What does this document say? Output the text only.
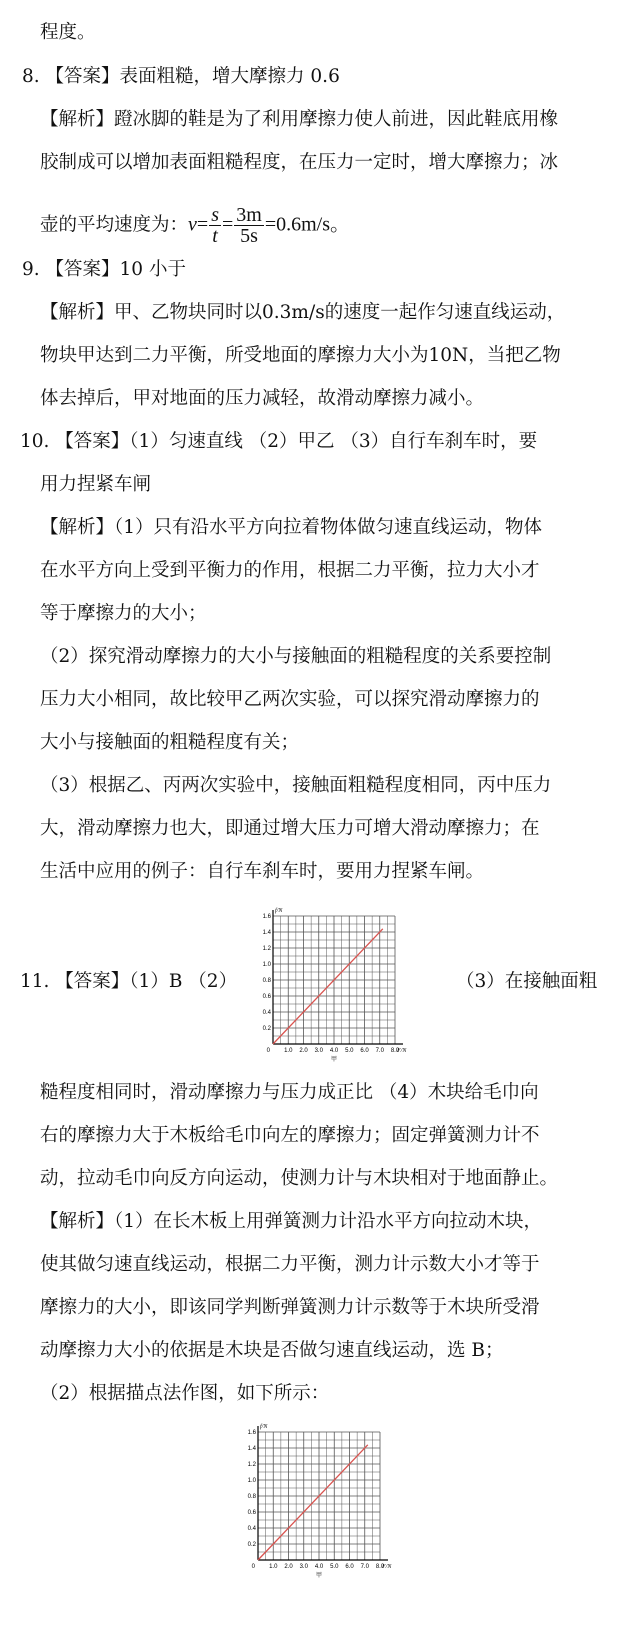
程度。
8. 【答案】表面粗糙，增大摩擦力 0.6
【解析】蹬冰脚的鞋是为了利用摩擦力使人前进，因此鞋底用橡
胶制成可以增加表面粗糙程度，在压力一定时，增大摩擦力；冰
壶的平均速度为：$v= \frac{s}{t} = \frac{3m}{5s} =0.6m/s$。
9. 【答案】10 小于
【解析】甲、乙物块同时以0.3m/s的速度一起作匀速直线运动，
物块甲达到二力平衡，所受地面的摩擦力大小为10N，当把乙物
体去掉后，甲对地面的压力减轻，故滑动摩擦力减小。
10. 【答案】（1）匀速直线 （2）甲乙 （3）自行车刹车时，要
用力捏紧车闸
【解析】（1）只有沿水平方向拉着物体做匀速直线运动，物体
在水平方向上受到平衡力的作用，根据二力平衡，拉力大小才
等于摩擦力的大小；
（2）探究滑动摩擦力的大小与接触面的粗糙程度的关系要控制
压力大小相同，故比较甲乙两次实验，可以探究滑动摩擦力的
大小与接触面的粗糙程度有关；
（3）根据乙、丙两次实验中，接触面粗糙程度相同，丙中压力
大，滑动摩擦力也大，即通过增大压力可增大滑动摩擦力；在
生活中应用的例子：自行车刹车时，要用力捏紧车闸。
11. 【答案】（1）B （2）
1.0 2.0 3.0 4.0 5.0 6.0 7.0 8.0
0.2
0.4
0.6
0.8
1.0
1.2
1.4
1.6
0	F/N
f/N
甲
（3）在接触面粗
糙程度相同时，滑动摩擦力与压力成正比 （4）木块给毛巾向
右的摩擦力大于木板给毛巾向左的摩擦力；固定弹簧测力计不
动，拉动毛巾向反方向运动，使测力计与木块相对于地面静止。
【解析】（1）在长木板上用弹簧测力计沿水平方向拉动木块，
使其做匀速直线运动，根据二力平衡，测力计示数大小才等于
摩擦力的大小，即该同学判断弹簧测力计示数等于木块所受滑
动摩擦力大小的依据是木块是否做匀速直线运动，选 B；
（2）根据描点法作图，如下所示：
1.0 2.0 3.0 4.0 5.0 6.0 7.0 8.0
0.2
0.4
0.6
0.8
1.0
1.2
1.4
1.6
0	F/N
f/N
甲
